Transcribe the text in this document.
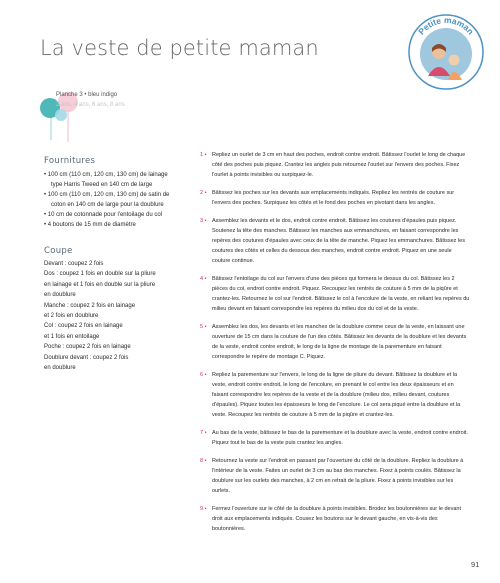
La veste de petite maman
Petite maman
Planche 3 • bleu indigo
2 ans, 4 ans, 6 ans, 8 ans
Fournitures
• 100 cm (110 cm, 120 cm, 130 cm) de lainage type Harris Tweed en 140 cm de large
• 100 cm (110 cm, 120 cm, 130 cm) de satin de coton en 140 cm de large pour la doublure
• 10 cm de cotonnade pour l'entoilage du col
• 4 boutons de 15 mm de diamètre
Coupe
Devant : coupez 2 fois
Dos : coupez 1 fois en double sur la pliure
en lainage et 1 fois en double sur la pliure
en doublure
Manche : coupez 2 fois en lainage
et 2 fois en doublure
Col : coupez 2 fois en lainage
et 1 fois en entoilage
Poche : coupez 2 fois en lainage
Doublure devant : coupez 2 fois
en doublure
1 • Repliez un ourlet de 3 cm en haut des poches, endroit contre endroit. Bâtissez l'ourlet le long de chaque côté des poches puis piquez. Crantez les angles puis retournez l'ourlet sur l'envers des poches. Fixez l'ourlet à points invisibles ou surpiquez-le.
2 • Bâtissez les poches sur les devants aux emplacements indiqués. Repliez les rentrés de couture sur l'envers des poches. Surpiquez les côtés et le fond des poches en pivotant dans les angles.
3 • Assemblez les devants et le dos, endroit contre endroit. Bâtissez les coutures d'épaules puis piquez. Soutenez la tête des manches. Bâtissez les manches aux emmanchures, en faisant correspondre les repères des coutures d'épaules avec ceux de la tête de manche. Piquez les emmanchures. Bâtissez les coutures des côtés et celles du dessous des manches, endroit contre endroit. Piquez en une seule couture continue.
4 • Bâtissez l'entoilage du col sur l'envers d'une des pièces qui formera le dessus du col. Bâtissez les 2 pièces du col, endroit contre endroit. Piquez. Recoupez les rentrés de couture à 5 mm de la piqûre et crantez-les. Retournez le col sur l'endroit. Bâtissez le col à l'encolure de la veste, en reliant les repères du milieu devant en faisant correspondre les repères du milieu dos du col et de la veste.
5 • Assemblez les dos, les devants et les manches de la doublure comme ceux de la veste, en laissant une ouverture de 15 cm dans la couture de l'un des côtés. Bâtissez les devants de la doublure et les devants de la veste, endroit contre endroit, le long de la ligne de montage de la parementure en faisant correspondre le repère de montage C. Piquez.
6 • Repliez la parementure sur l'envers, le long de la ligne de pliure du devant. Bâtissez la doublure et la veste, endroit contre endroit, le long de l'encolure, en prenant le col entre les deux épaisseurs et en faisant correspondre les repères de la veste et de la doublure (milieu dos, milieu devant, coutures d'épaules). Piquez toutes les épaisseurs le long de l'encolure. Le col sera piqué entre la doublure et la veste. Recoupez les rentrés de couture à 5 mm de la piqûre et crantez-les.
7 • Au bas de la veste, bâtissez le bas de la parementure et la doublure avec la veste, endroit contre endroit. Piquez tout le bas de la veste puis crantez les angles.
8 • Retournez la veste sur l'endroit en passant par l'ouverture du côté de la doublure. Repliez la doublure à l'intérieur de la veste. Faites un ourlet de 3 cm au bas des manches. Fixez à points coulés. Bâtissez la doublure sur les ourlets des manches, à 2 cm en retrait de la pliure. Fixez à points invisibles sur les ourlets.
9 • Fermez l'ouverture sur le côté de la doublure à points invisibles. Brodez les boutonnières sur le devant droit aux emplacements indiqués. Cousez les boutons sur le devant gauche, en vis-à-vis des boutonnières.
91
